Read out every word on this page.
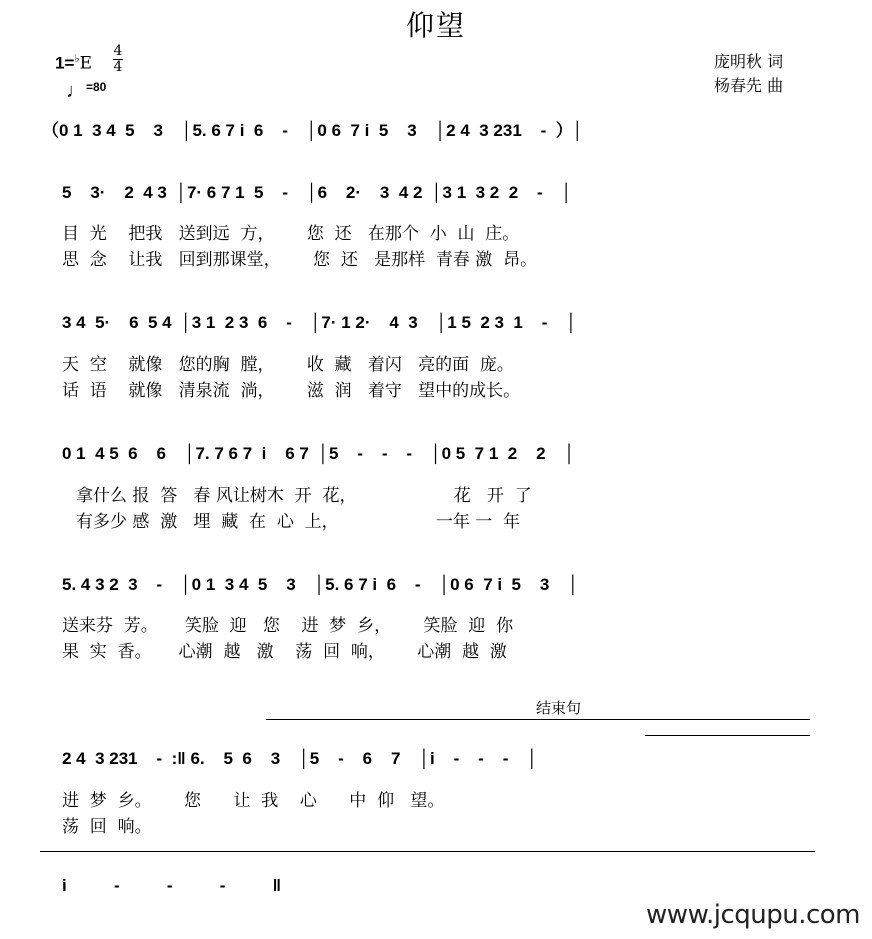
仰望
1=♭E
4
4
♩=80
庞明秋 词
杨春先 曲
（0 1  3 4  5    3    │5. 6 7 i  6    -    │0 6  7 i  5    3    │2 4  3 231    -  ）│
5    3·    2  4 3  │7· 6 7 1  5    -    │6    2·    3  4 2  │3 1  3 2  2    -    │
目  光    把我   送到远  方，      您  还   在那个  小  山  庄。
思  念    让我   回到那课堂，      您  还   是那样  青春 激  昂。
3 4  5·    6  5 4  │3 1  2 3  6    -    │7· 1 2·    4  3    │1 5  2 3  1    -    │
天  空    就像   您的胸  膛，      收  藏   着闪   亮的面  庞。
话  语    就像   清泉流  淌，      滋  润   着守   望中的成长。
0 1  4 5  6    6    │7. 7 6 7  i    6 7  │5    -    -    -    │0 5  7 1  2    2    │
拿什么 报  答   春 风让树木  开  花，                  花   开  了
有多少 感  激   埋  藏  在  心  上，                  一年 一  年
5. 4 3 2  3    -    │0 1  3 4  5    3    │5. 6 7 i  6    -    │0 6  7 i  5    3    │
送来芬  芳。     笑脸  迎   您    进  梦  乡，      笑脸  迎  你
果  实  香。     心潮  越   激    荡  回  响，      心潮  越  激
结束句
2 4  3 231    -  :‖ 6.    5  6    3    │5    -    6    7    │i    -    -    -    │
进  梦  乡。      您      让  我    心      中  仰   望。
荡  回  响。
i          -          -          -          ‖
www.jcqupu.com
